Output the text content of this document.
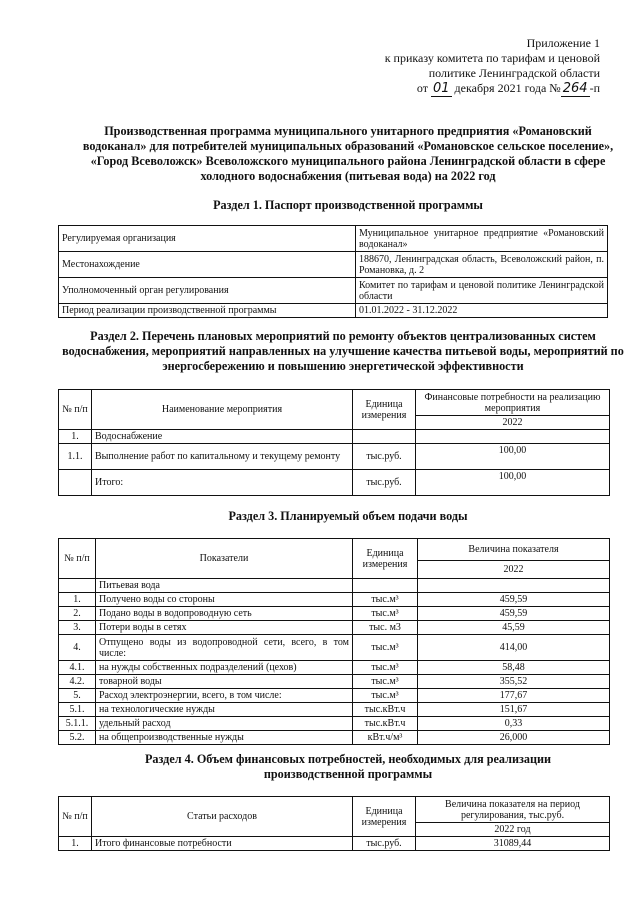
Приложение 1
к приказу комитета по тарифам и ценовой
политике Ленинградской области
от 01 декабря 2021 года № 264 -п
Производственная программа муниципального унитарного предприятия «Романовский водоканал» для потребителей муниципальных образований «Романовское сельское поселение», «Город Всеволожск» Всеволожского муниципального района Ленинградской области в сфере холодного водоснабжения (питьевая вода) на 2022 год
Раздел 1. Паспорт производственной программы
Регулируемая организация	Муниципальное унитарное предприятие «Романовский водоканал»
Местонахождение	188670, Ленинградская область, Всеволожский район, п. Романовка, д. 2
Уполномоченный орган регулирования	Комитет по тарифам и ценовой политике Ленинградской области
Период реализации производственной программы	01.01.2022 - 31.12.2022
Раздел 2. Перечень плановых мероприятий по ремонту объектов централизованных систем водоснабжения, мероприятий направленных на улучшение качества питьевой воды, мероприятий по энергосбережению и повышению энергетической эффективности
№ п/п	Наименование мероприятия	Единица измерения	Финансовые потребности на реализацию мероприятия
			2022
1.	Водоснабжение		
1.1.	Выполнение работ по капитальному и текущему ремонту	тыс.руб.	100,00
	Итого:	тыс.руб.	100,00
Раздел 3. Планируемый объем подачи воды
№ п/п	Показатели	Единица измерения	Величина показателя
			2022
	Питьевая вода		
1.	Получено воды со стороны	тыс.м³	459,59
2.	Подано воды в водопроводную сеть	тыс.м³	459,59
3.	Потери воды в сетях	тыс. м3	45,59
4.	Отпущено воды из водопроводной сети, всего, в том числе:	тыс.м³	414,00
4.1.	на нужды собственных подразделений (цехов)	тыс.м³	58,48
4.2.	товарной воды	тыс.м³	355,52
5.	Расход электроэнергии, всего, в том числе:	тыс.м³	177,67
5.1.	на технологические нужды	тыс.кВт.ч	151,67
5.1.1.	удельный расход	тыс.кВт.ч	0,33
5.2.	на общепроизводственные нужды	кВт.ч/м³	26,000
Раздел 4. Объем финансовых потребностей, необходимых для реализации производственной программы
№ п/п	Статьи расходов	Единица измерения	Величина показателя на период регулирования, тыс.руб.
			2022 год
1.	Итого финансовые потребности	тыс.руб.	31089,44
